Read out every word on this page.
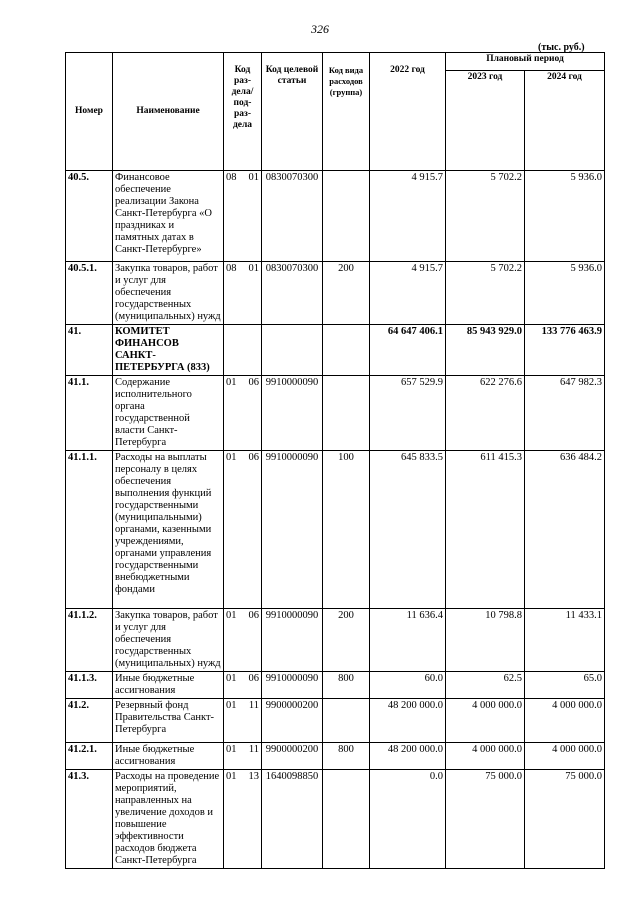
326
(тыс. руб.)
Номер	Наименование	Код раз-дела/ под-раз-дела		Код целевой статьи	Код вида расходов (группа)	2022 год	Плановый период	
							2023 год	2024 год
40.5.	Финансовое обеспечение реализации Закона Санкт-Петербурга «О праздниках и памятных датах в Санкт-Петербурге»	08	01	0830070300		4 915.7	5 702.2	5 936.0
40.5.1.	Закупка товаров, работ и услуг для обеспечения государственных (муниципальных) нужд	08	01	0830070300	200	4 915.7	5 702.2	5 936.0
41.	КОМИТЕТ ФИНАНСОВ САНКТ-ПЕТЕРБУРГА (833)					64 647 406.1	85 943 929.0	133 776 463.9
41.1.	Содержание исполнительного органа государственной власти Санкт-Петербурга	01	06	9910000090		657 529.9	622 276.6	647 982.3
41.1.1.	Расходы на выплаты персоналу в целях обеспечения выполнения функций государственными (муниципальными) органами, казенными учреждениями, органами управления государственными внебюджетными фондами	01	06	9910000090	100	645 833.5	611 415.3	636 484.2
41.1.2.	Закупка товаров, работ и услуг для обеспечения государственных (муниципальных) нужд	01	06	9910000090	200	11 636.4	10 798.8	11 433.1
41.1.3.	Иные бюджетные ассигнования	01	06	9910000090	800	60.0	62.5	65.0
41.2.	Резервный фонд Правительства Санкт-Петербурга	01	11	9900000200		48 200 000.0	4 000 000.0	4 000 000.0
41.2.1.	Иные бюджетные ассигнования	01	11	9900000200	800	48 200 000.0	4 000 000.0	4 000 000.0
41.3.	Расходы на проведение мероприятий, направленных на увеличение доходов и повышение эффективности расходов бюджета Санкт-Петербурга	01	13	1640098850		0.0	75 000.0	75 000.0
